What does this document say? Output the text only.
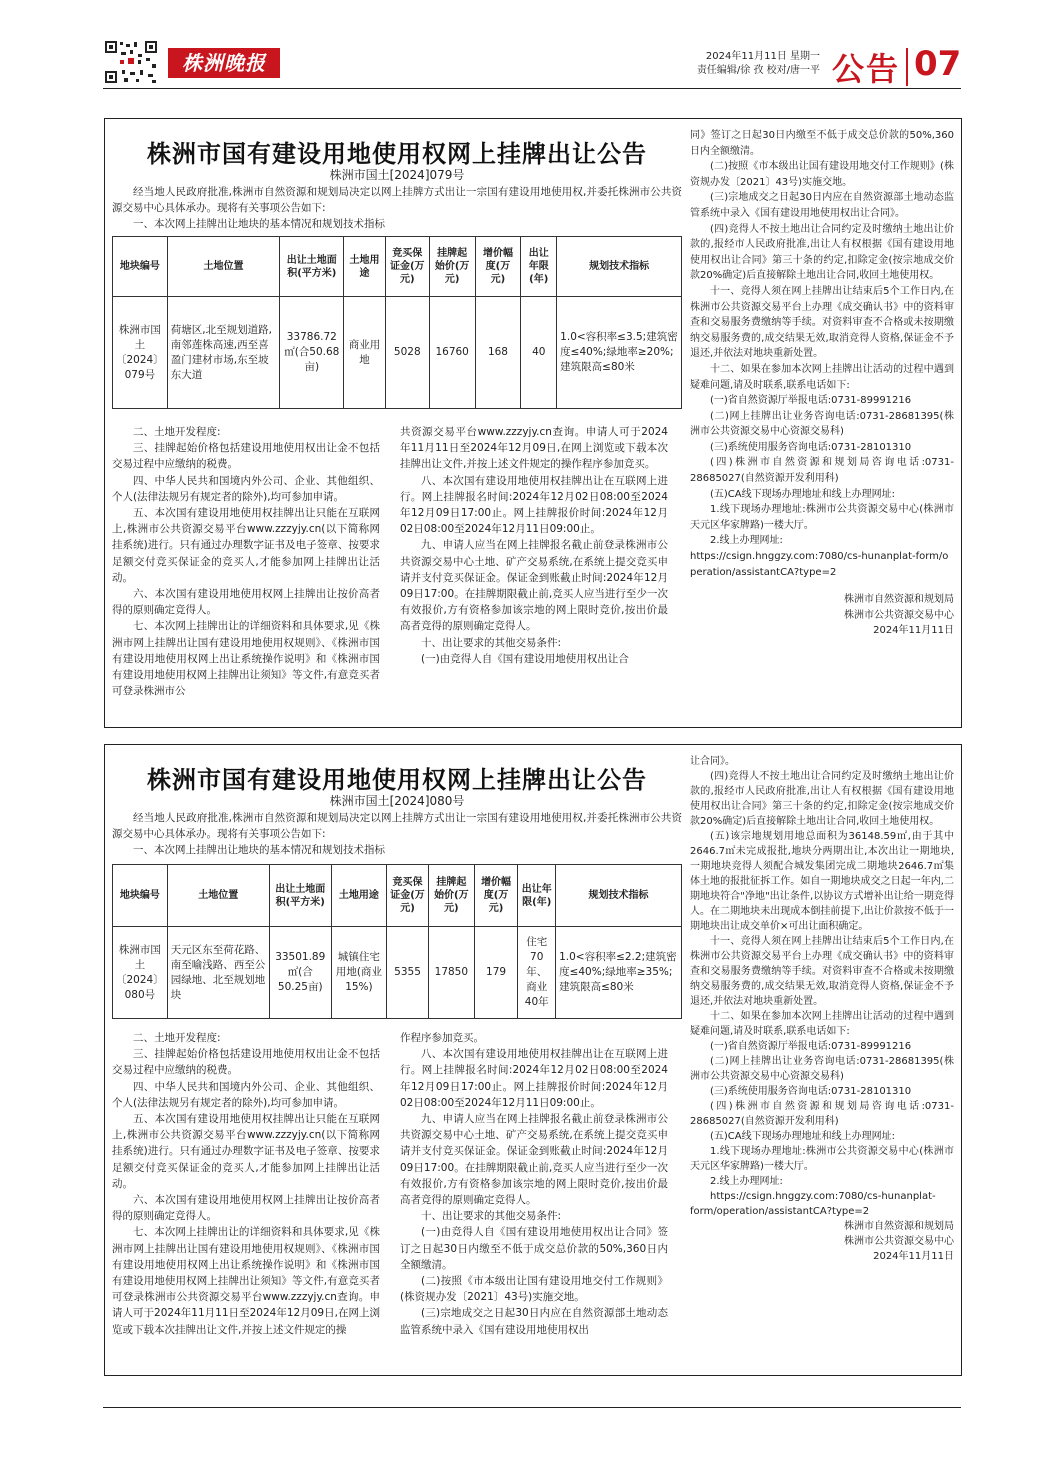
株洲晚报	2024年11月11日 星期一
责任编辑/徐 孜 校对/唐一平 公告 07
株洲市国有建设用地使用权网上挂牌出让公告
株洲市国土[2024]079号

经当地人民政府批准,株洲市自然资源和规划局决定以网上挂牌方式出让一宗国有建设用地使用权,并委托株洲市公共资源交易中心具体承办。现将有关事项公告如下:

一、本次网上挂牌出让地块的基本情况和规划技术指标

地块编号	土地位置	出让土地面积(平方米)	土地用途	竞买保证金(万元)	挂牌起始价(万元)	增价幅度(万元)	出让年限(年)	规划技术指标
株洲市国土〔2024〕079号	荷塘区,北至规划道路,南邻莲株高速,西至喜盈门建材市场,东至坡东大道	33786.72㎡(合50.68亩)	商业用地	5028	16760	168	40	1.0<容积率≤3.5;建筑密度≤40%;绿地率≥20%;建筑限高≤80米

二、土地开发程度:

三、挂牌起始价格包括建设用地使用权出让金不包括交易过程中应缴纳的税费。

四、中华人民共和国境内外公司、企业、其他组织、个人(法律法规另有规定者的除外),均可参加申请。

五、本次国有建设用地使用权挂牌出让只能在互联网上,株洲市公共资源交易平台www.zzzyjy.cn(以下简称网挂系统)进行。只有通过办理数字证书及电子签章、按要求足额交付竞买保证金的竞买人,才能参加网上挂牌出让活动。

六、本次国有建设用地使用权网上挂牌出让按价高者得的原则确定竞得人。

七、本次网上挂牌出让的详细资料和具体要求,见《株洲市网上挂牌出让国有建设用地使用权规则》、《株洲市国有建设用地使用权网上出让系统操作说明》和《株洲市国有建设用地使用权网上挂牌出让须知》等文件,有意竞买者可登录株洲市公

共资源交易平台www.zzzyjy.cn查询。申请人可于2024年11月11日至2024年12月09日,在网上浏览或下载本次挂牌出让文件,并按上述文件规定的操作程序参加竞买。

八、本次国有建设用地使用权挂牌出让在互联网上进行。网上挂牌报名时间:2024年12月02日08:00至2024年12月09日17:00止。网上挂牌报价时间:2024年12月02日08:00至2024年12月11日09:00止。

九、申请人应当在网上挂牌报名截止前登录株洲市公共资源交易中心土地、矿产交易系统,在系统上提交竞买申请并支付竞买保证金。保证金到账截止时间:2024年12月09日17:00。在挂牌期限截止前,竞买人应当进行至少一次有效报价,方有资格参加该宗地的网上限时竞价,按出价最高者竞得的原则确定竞得人。

十、出让要求的其他交易条件:

(一)由竞得人自《国有建设用地使用权出让合

同》签订之日起30日内缴至不低于成交总价款的50%,360日内全额缴清。

(二)按照《市本级出让国有建设用地交付工作规则》(株资规办发〔2021〕43号)实施交地。

(三)宗地成交之日起30日内应在自然资源部土地动态监管系统中录入《国有建设用地使用权出让合同》。

(四)竞得人不按土地出让合同约定及时缴纳土地出让价款的,报经市人民政府批准,出让人有权根据《国有建设用地使用权出让合同》第三十条的约定,扣除定金(按宗地成交价款20%确定)后直接解除土地出让合同,收回土地使用权。

十一、竞得人须在网上挂牌出让结束后5个工作日内,在株洲市公共资源交易平台上办理《成交确认书》中的资料审查和交易服务费缴纳等手续。对资料审查不合格或未按期缴纳交易服务费的,成交结果无效,取消竞得人资格,保证金不予退还,并依法对地块重新处置。

十二、如果在参加本次网上挂牌出让活动的过程中遇到疑难问题,请及时联系,联系电话如下:

(一)省自然资源厅举报电话:0731-89991216

(二)网上挂牌出让业务咨询电话:0731-28681395(株洲市公共资源交易中心资源交易科)

(三)系统使用服务咨询电话:0731-28101310

(四)株洲市自然资源和规划局咨询电话:0731-28685027(自然资源开发利用科)

(五)CA线下现场办理地址和线上办理网址:

1.线下现场办理地址:株洲市公共资源交易中心(株洲市天元区华家牌路)一楼大厅。

2.线上办理网址:

https://csign.hnggzy.com:7080/cs-hunanplat-form/operation/assistantCA?type=2

株洲市自然资源和规划局

株洲市公共资源交易中心

2024年11月11日

株洲市国有建设用地使用权网上挂牌出让公告
株洲市国土[2024]080号

经当地人民政府批准,株洲市自然资源和规划局决定以网上挂牌方式出让一宗国有建设用地使用权,并委托株洲市公共资源交易中心具体承办。现将有关事项公告如下:

一、本次网上挂牌出让地块的基本情况和规划技术指标

地块编号	土地位置	出让土地面积(平方米)	土地用途	竞买保证金(万元)	挂牌起始价(万元)	增价幅度(万元)	出让年限(年)	规划技术指标
株洲市国土〔2024〕080号	天元区东至荷花路、南至喻浅路、西至公园绿地、北至规划地块	33501.89㎡(合50.25亩)	城镇住宅用地(商业15%)	5355	17850	179	住宅70年、商业40年	1.0<容积率≤2.2;建筑密度≤40%;绿地率≥35%;建筑限高≤80米

二、土地开发程度:

三、挂牌起始价格包括建设用地使用权出让金不包括交易过程中应缴纳的税费。

四、中华人民共和国境内外公司、企业、其他组织、个人(法律法规另有规定者的除外),均可参加申请。

五、本次国有建设用地使用权挂牌出让只能在互联网上,株洲市公共资源交易平台www.zzzyjy.cn(以下简称网挂系统)进行。只有通过办理数字证书及电子签章、按要求足额交付竞买保证金的竞买人,才能参加网上挂牌出让活动。

六、本次国有建设用地使用权网上挂牌出让按价高者得的原则确定竞得人。

七、本次网上挂牌出让的详细资料和具体要求,见《株洲市网上挂牌出让国有建设用地使用权规则》、《株洲市国有建设用地使用权网上出让系统操作说明》和《株洲市国有建设用地使用权网上挂牌出让须知》等文件,有意竞买者可登录株洲市公共资源交易平台www.zzzyjy.cn查询。申请人可于2024年11月11日至2024年12月09日,在网上浏览或下载本次挂牌出让文件,并按上述文件规定的操

作程序参加竞买。

八、本次国有建设用地使用权挂牌出让在互联网上进行。网上挂牌报名时间:2024年12月02日08:00至2024年12月09日17:00止。网上挂牌报价时间:2024年12月02日08:00至2024年12月11日09:00止。

九、申请人应当在网上挂牌报名截止前登录株洲市公共资源交易中心土地、矿产交易系统,在系统上提交竞买申请并支付竞买保证金。保证金到账截止时间:2024年12月09日17:00。在挂牌期限截止前,竞买人应当进行至少一次有效报价,方有资格参加该宗地的网上限时竞价,按出价最高者竞得的原则确定竞得人。

十、出让要求的其他交易条件:

(一)由竞得人自《国有建设用地使用权出让合同》签订之日起30日内缴至不低于成交总价款的50%,360日内全额缴清。

(二)按照《市本级出让国有建设用地交付工作规则》(株资规办发〔2021〕43号)实施交地。

(三)宗地成交之日起30日内应在自然资源部土地动态监管系统中录入《国有建设用地使用权出

让合同》。

(四)竞得人不按土地出让合同约定及时缴纳土地出让价款的,报经市人民政府批准,出让人有权根据《国有建设用地使用权出让合同》第三十条的约定,扣除定金(按宗地成交价款20%确定)后直接解除土地出让合同,收回土地使用权。

(五)该宗地规划用地总面积为36148.59㎡,由于其中2646.7㎡未完成报批,地块分两期出让,本次出让一期地块,一期地块竞得人须配合城发集团完成二期地块2646.7㎡集体土地的报批征拆工作。如自一期地块成交之日起一年内,二期地块符合"净地"出让条件,以协议方式增补出让给一期竞得人。在二期地块未出现成本倒挂前提下,出让价款按不低于一期地块出让成交单价×可出让面积确定。

十一、竞得人须在网上挂牌出让结束后5个工作日内,在株洲市公共资源交易平台上办理《成交确认书》中的资料审查和交易服务费缴纳等手续。对资料审查不合格或未按期缴纳交易服务费的,成交结果无效,取消竞得人资格,保证金不予退还,并依法对地块重新处置。

十二、如果在参加本次网上挂牌出让活动的过程中遇到疑难问题,请及时联系,联系电话如下:

(一)省自然资源厅举报电话:0731-89991216

(二)网上挂牌出让业务咨询电话:0731-28681395(株洲市公共资源交易中心资源交易科)

(三)系统使用服务咨询电话:0731-28101310

(四)株洲市自然资源和规划局咨询电话:0731-28685027(自然资源开发利用科)

(五)CA线下现场办理地址和线上办理网址:

1.线下现场办理地址:株洲市公共资源交易中心(株洲市天元区华家牌路)一楼大厅。

2.线上办理网址:

https://csign.hnggzy.com:7080/cs-hunanplat-form/operation/assistantCA?type=2

株洲市自然资源和规划局

株洲市公共资源交易中心

2024年11月11日
